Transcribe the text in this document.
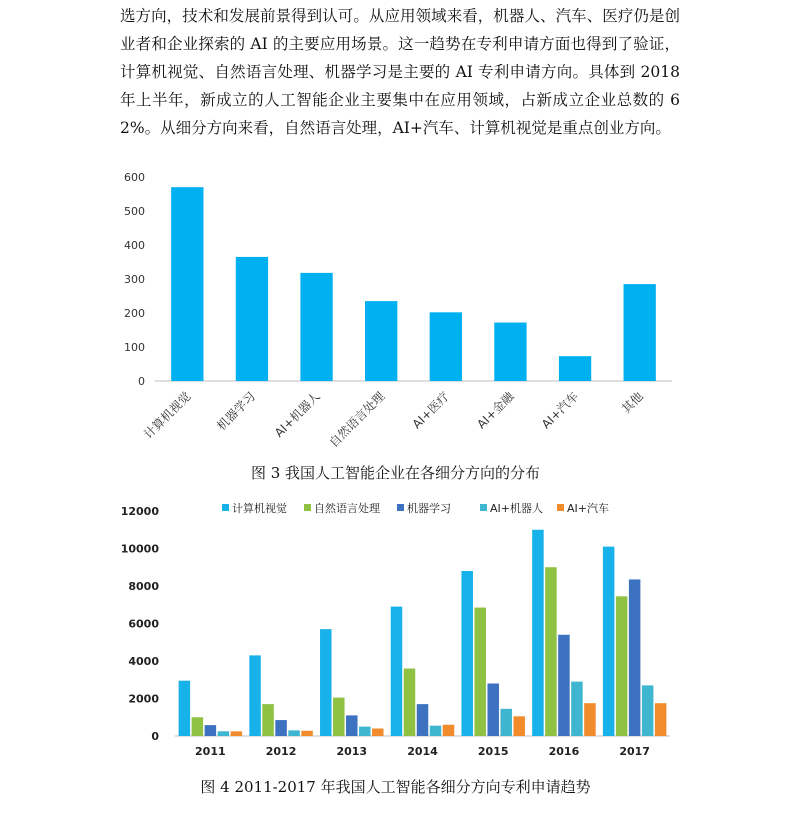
选方向，技术和发展前景得到认可。从应用领域来看，机器人、汽车、医疗仍是创业者和企业探索的 AI 的主要应用场景。这一趋势在专利申请方面也得到了验证，计算机视觉、自然语言处理、机器学习是主要的 AI 专利申请方向。具体到 2018 年上半年，新成立的人工智能企业主要集中在应用领域，占新成立企业总数的 62%。从细分方向来看，自然语言处理，AI+汽车、计算机视觉是重点创业方向。

0
100
200
300
400
500
600
计算机视觉 机器学习 AI+机器人 自然语言处理 AI+医疗 AI+金融 AI+汽车	其他
图 3 我国人工智能企业在各细分方向的分布
计算机视觉 自然语言处理 机器学习	AI+机器人 AI+汽车
0
2000
4000
6000
8000
10000
12000
2011	2012	2013	2014	2015	2016	2017
图 4 2011-2017 年我国人工智能各细分方向专利申请趋势
